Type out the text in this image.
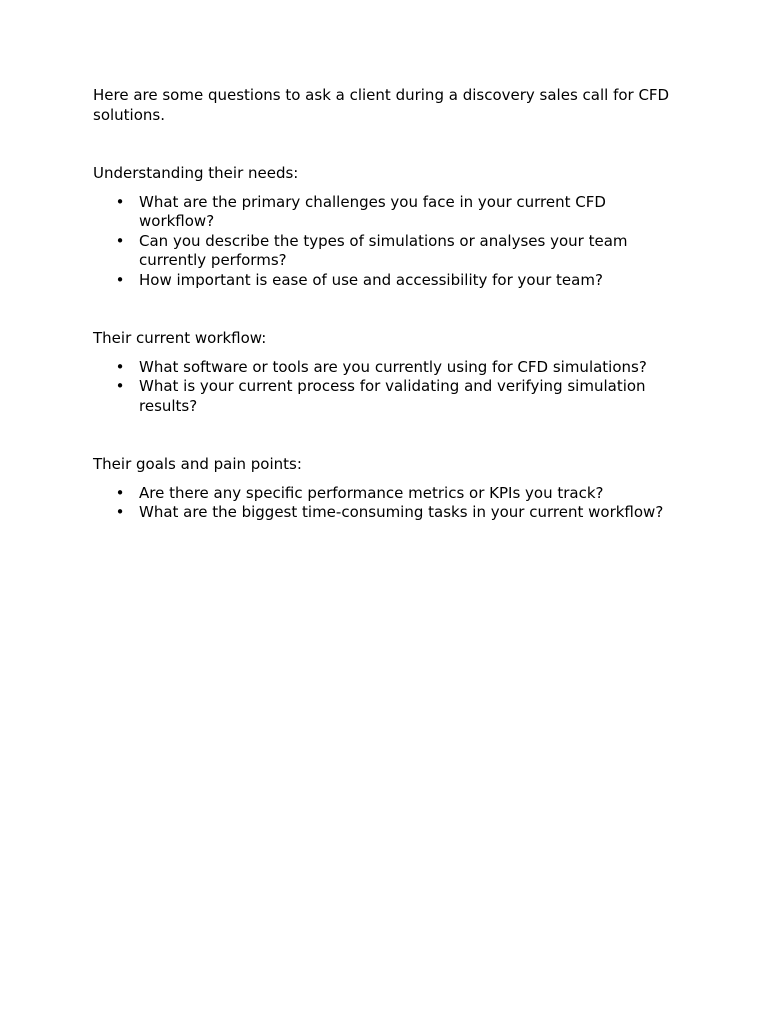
Here are some questions to ask a client during a discovery sales call for CFD solutions.

Understanding their needs:

• What are the primary challenges you face in your current CFD workflow?
• Can you describe the types of simulations or analyses your team currently performs?
• How important is ease of use and accessibility for your team?

Their current workflow:

• What software or tools are you currently using for CFD simulations?
• What is your current process for validating and verifying simulation results?

Their goals and pain points:

• Are there any specific performance metrics or KPIs you track?
• What are the biggest time-consuming tasks in your current workflow?
